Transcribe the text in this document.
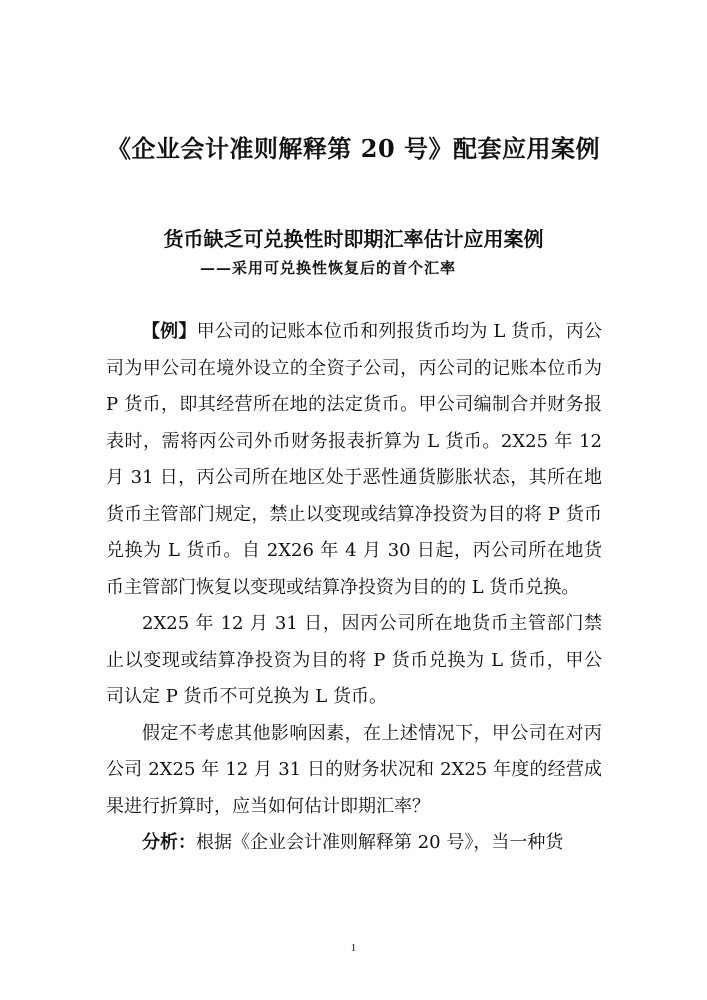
《企业会计准则解释第 20 号》配套应用案例
货币缺乏可兑换性时即期汇率估计应用案例
——采用可兑换性恢复后的首个汇率

【例】甲公司的记账本位币和列报货币均为 L 货币，丙公司为甲公司在境外设立的全资子公司，丙公司的记账本位币为 P 货币，即其经营所在地的法定货币。甲公司编制合并财务报表时，需将丙公司外币财务报表折算为 L 货币。2X25 年 12 月 31 日，丙公司所在地区处于恶性通货膨胀状态，其所在地货币主管部门规定，禁止以变现或结算净投资为目的将 P 货币兑换为 L 货币。自 2X26 年 4 月 30 日起，丙公司所在地货币主管部门恢复以变现或结算净投资为目的的 L 货币兑换。

2X25 年 12 月 31 日，因丙公司所在地货币主管部门禁止以变现或结算净投资为目的将 P 货币兑换为 L 货币，甲公司认定 P 货币不可兑换为 L 货币。

假定不考虑其他影响因素，在上述情况下，甲公司在对丙公司 2X25 年 12 月 31 日的财务状况和 2X25 年度的经营成果进行折算时，应当如何估计即期汇率？

分析：根据《企业会计准则解释第 20 号》，当一种货

1
